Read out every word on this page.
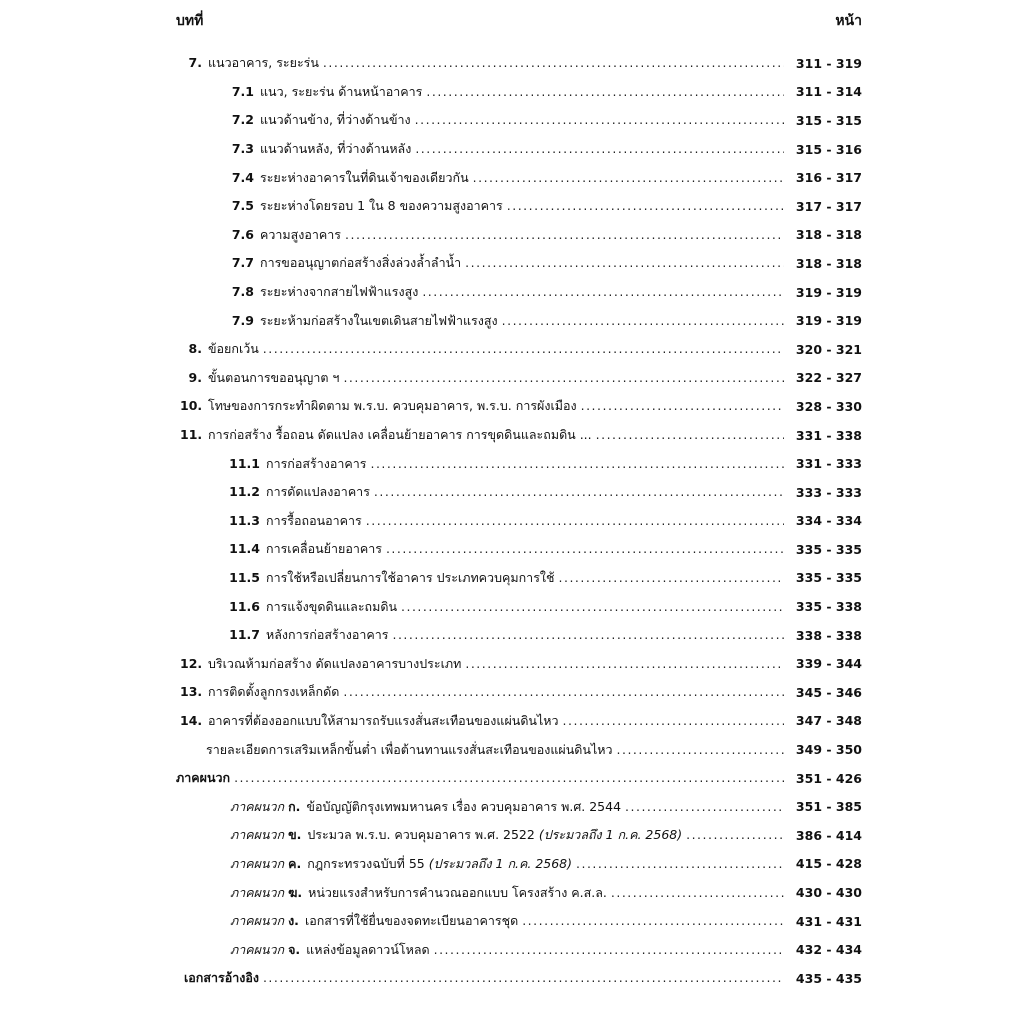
บทที่	หน้า
7. แนวอาคาร, ระยะร่น .....	311 - 319
7.1 แนว, ระยะร่น ด้านหน้าอาคาร .....	311 - 314
7.2 แนวด้านข้าง, ที่ว่างด้านข้าง .....	315 - 315
7.3 แนวด้านหลัง, ที่ว่างด้านหลัง .....	315 - 316
7.4 ระยะห่างอาคารในที่ดินเจ้าของเดียวกัน .....	316 - 317
7.5 ระยะห่างโดยรอบ 1 ใน 8 ของความสูงอาคาร .....	317 - 317
7.6 ความสูงอาคาร .....	318 - 318
7.7 การขออนุญาตก่อสร้างสิ่งล่วงล้ำลำน้ำ .....	318 - 318
7.8 ระยะห่างจากสายไฟฟ้าแรงสูง .....	319 - 319
7.9 ระยะห้ามก่อสร้างในเขตเดินสายไฟฟ้าแรงสูง .....	319 - 319
8. ข้อยกเว้น .....	320 - 321
9. ขั้นตอนการขออนุญาต ฯ .....	322 - 327
10. โทษของการกระทำผิดตาม พ.ร.บ. ควบคุมอาคาร, พ.ร.บ. การผังเมือง .....	328 - 330
11. การก่อสร้าง รื้อถอน ดัดแปลง เคลื่อนย้ายอาคาร การขุดดินและถมดิน ... .....	331 - 338
11.1 การก่อสร้างอาคาร .....	331 - 333
11.2 การดัดแปลงอาคาร .....	333 - 333
11.3 การรื้อถอนอาคาร .....	334 - 334
11.4 การเคลื่อนย้ายอาคาร .....	335 - 335
11.5 การใช้หรือเปลี่ยนการใช้อาคาร ประเภทควบคุมการใช้ .....	335 - 335
11.6 การแจ้งขุดดินและถมดิน .....	335 - 338
11.7 หลังการก่อสร้างอาคาร .....	338 - 338
12. บริเวณห้ามก่อสร้าง ดัดแปลงอาคารบางประเภท .....	339 - 344
13. การติดตั้งลูกกรงเหล็กดัด .....	345 - 346
14. อาคารที่ต้องออกแบบให้สามารถรับแรงสั่นสะเทือนของแผ่นดินไหว .....	347 - 348
รายละเอียดการเสริมเหล็กขั้นต่ำ เพื่อต้านทานแรงสั่นสะเทือนของแผ่นดินไหว .....	349 - 350
ภาคผนวก .....	351 - 426
ภาคผนวก ก. ข้อบัญญัติกรุงเทพมหานคร เรื่อง ควบคุมอาคาร พ.ศ. 2544 .....	351 - 385
ภาคผนวก ข. ประมวล พ.ร.บ. ควบคุมอาคาร พ.ศ. 2522 (ประมวลถึง 1 ก.ค. 2568) .....	386 - 414
ภาคผนวก ค. กฎกระทรวงฉบับที่ 55 (ประมวลถึง 1 ก.ค. 2568) .....	415 - 428
ภาคผนวก ฆ. หน่วยแรงสำหรับการคำนวณออกแบบ โครงสร้าง ค.ส.ล. .....	430 - 430
ภาคผนวก ง. เอกสารที่ใช้ยื่นของจดทะเบียนอาคารชุด .....	431 - 431
ภาคผนวก จ. แหล่งข้อมูลดาวน์โหลด .....	432 - 434
เอกสารอ้างอิง .....	435 - 435
